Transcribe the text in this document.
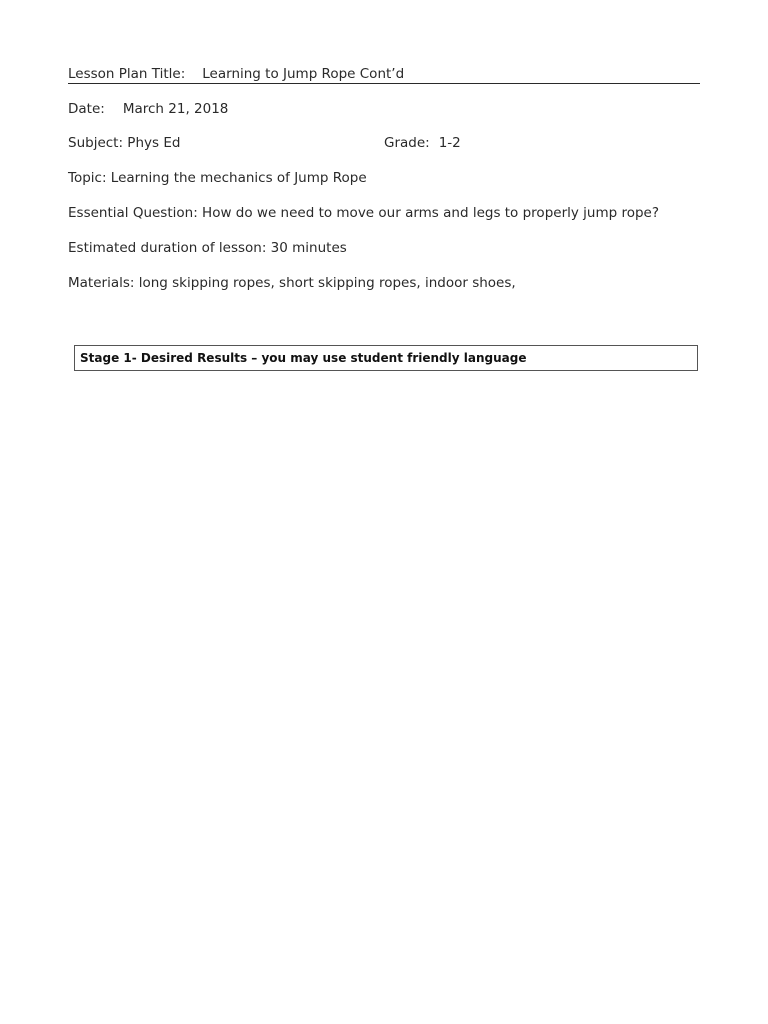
Lesson Plan Title: Learning to Jump Rope Cont’d
Date: March 21, 2018
Subject: Phys Ed	Grade: 1-2
Topic: Learning the mechanics of Jump Rope
Essential Question: How do we need to move our arms and legs to properly jump rope?
Estimated duration of lesson: 30 minutes
Materials: long skipping ropes, short skipping ropes, indoor shoes,
Stage 1- Desired Results – you may use student friendly language
